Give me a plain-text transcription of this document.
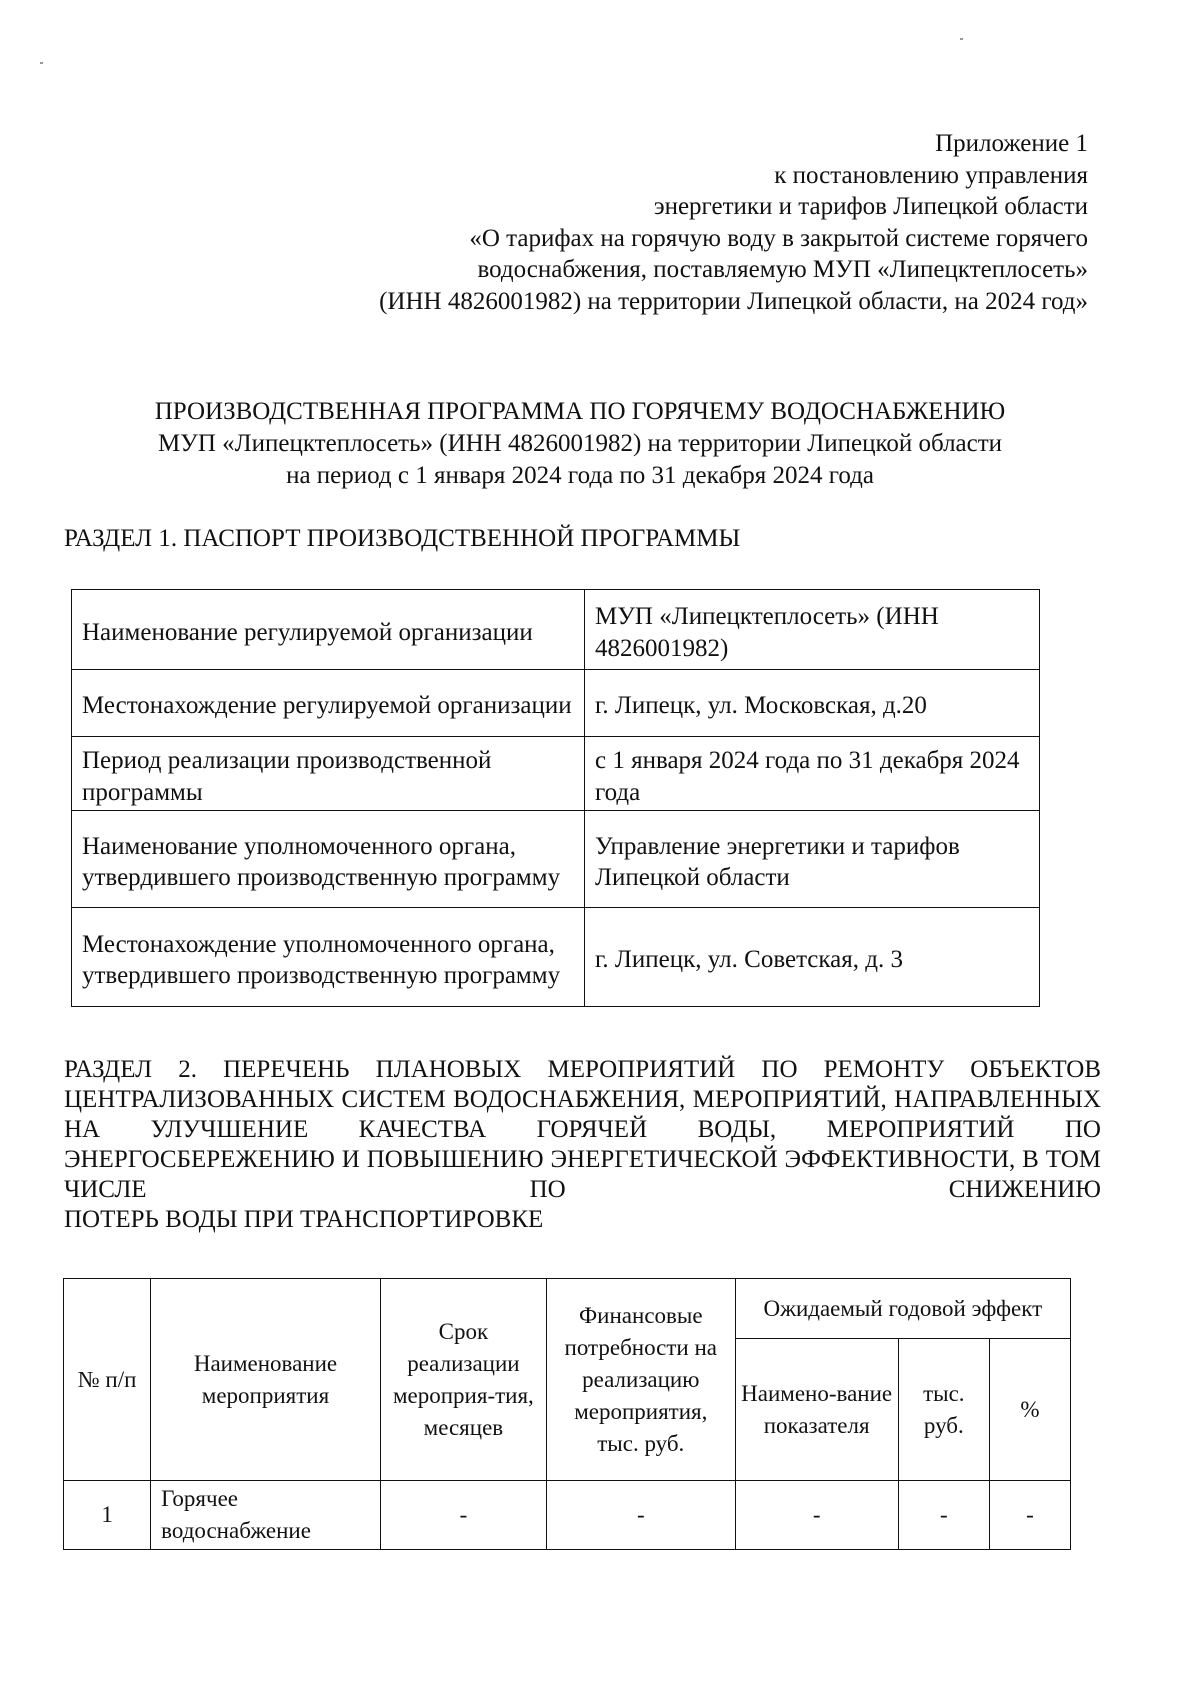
Приложение 1
к постановлению управления
энергетики и тарифов Липецкой области
«О тарифах на горячую воду в закрытой системе горячего
водоснабжения, поставляемую МУП «Липецктеплосеть»
(ИНН 4826001982) на территории Липецкой области, на 2024 год»
ПРОИЗВОДСТВЕННАЯ ПРОГРАММА ПО ГОРЯЧЕМУ ВОДОСНАБЖЕНИЮ
МУП «Липецктеплосеть» (ИНН 4826001982) на территории Липецкой области
на период с 1 января 2024 года по 31 декабря 2024 года
РАЗДЕЛ 1. ПАСПОРТ ПРОИЗВОДСТВЕННОЙ ПРОГРАММЫ
Наименование регулируемой организации	МУП «Липецктеплосеть» (ИНН 4826001982)
Местонахождение регулируемой организации	г. Липецк, ул. Московская, д.20
Период реализации производственной программы	с 1 января 2024 года по 31 декабря 2024 года
Наименование уполномоченного органа, утвердившего производственную программу	Управление энергетики и тарифов Липецкой области
Местонахождение уполномоченного органа, утвердившего производственную программу	г. Липецк, ул. Советская, д. 3
РАЗДЕЛ 2. ПЕРЕЧЕНЬ ПЛАНОВЫХ МЕРОПРИЯТИЙ ПО РЕМОНТУ ОБЪЕКТОВ ЦЕНТРАЛИЗОВАННЫХ СИСТЕМ ВОДОСНАБЖЕНИЯ, МЕРОПРИЯТИЙ, НАПРАВЛЕННЫХ НА УЛУЧШЕНИЕ КАЧЕСТВА ГОРЯЧЕЙ ВОДЫ, МЕРОПРИЯТИЙ ПО ЭНЕРГОСБЕРЕЖЕНИЮ И ПОВЫШЕНИЮ ЭНЕРГЕТИЧЕСКОЙ ЭФФЕКТИВНОСТИ, В ТОМ ЧИСЛЕ ПО СНИЖЕНИЮ
ПОТЕРЬ ВОДЫ ПРИ ТРАНСПОРТИРОВКЕ
№ п/п	Наименование мероприятия	Срок реализации мероприя-тия, месяцев	Финансовые потребности на реализацию мероприятия, тыс. руб.	Ожидаемый годовой эффект		
				Наимено-вание показателя	тыс. руб.	%
1	Горячее водоснабжение	-	-	-	-	-
